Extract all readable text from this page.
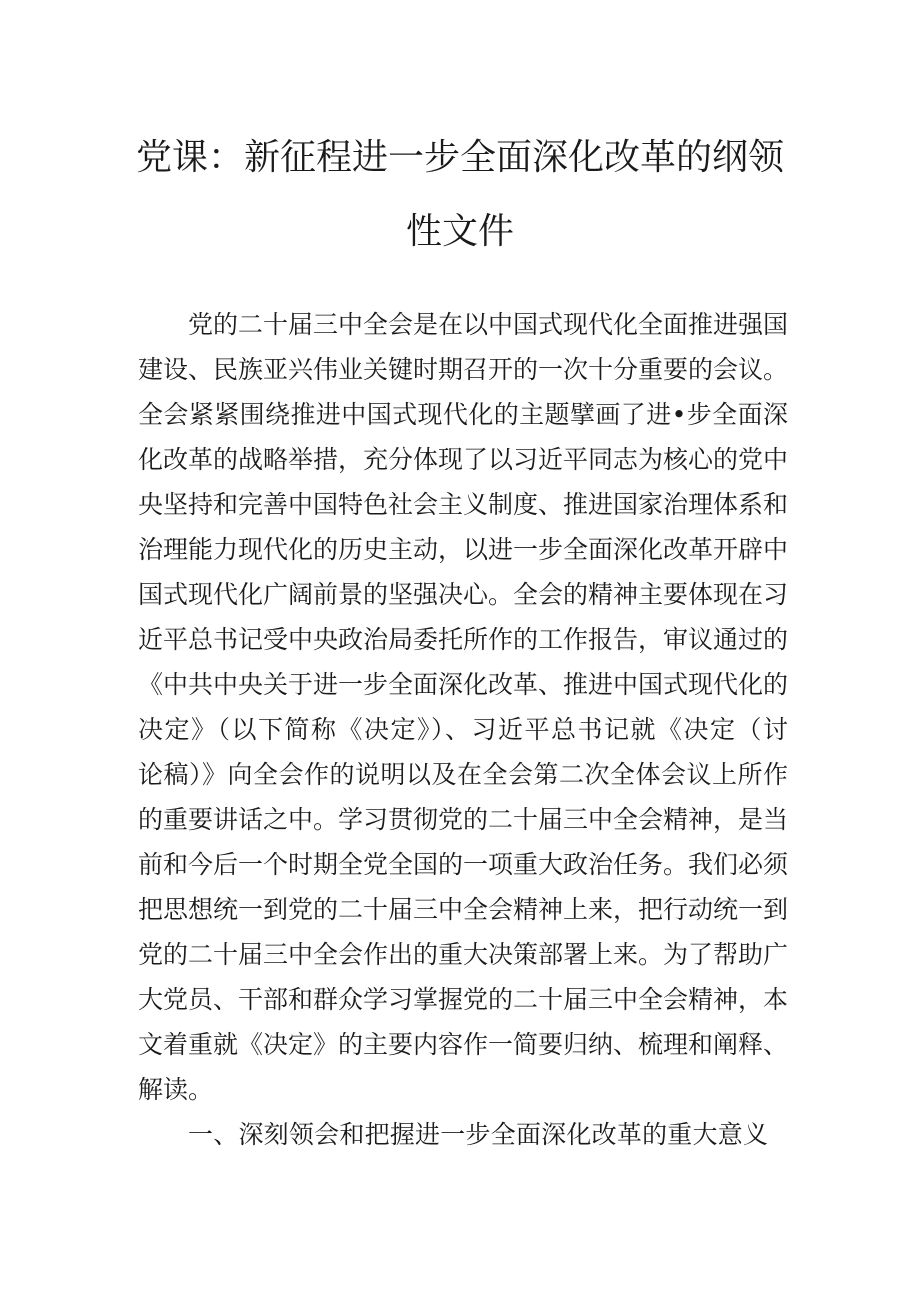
党课：新征程进一步全面深化改革的纲领
性文件
党的二十届三中全会是在以中国式现代化全面推进强国
建设、民族亚兴伟业关键时期召开的一次十分重要的会议。
全会紧紧围绕推进中国式现代化的主题擘画了进•步全面深
化改革的战略举措，充分体现了以习近平同志为核心的党中
央坚持和完善中国特色社会主义制度、推进国家治理体系和
治理能力现代化的历史主动，以进一步全面深化改革开辟中
国式现代化广阔前景的坚强决心。全会的精神主要体现在习
近平总书记受中央政治局委托所作的工作报告，审议通过的
《中共中央关于进一步全面深化改革、推进中国式现代化的
决定》（以下简称《决定》）、习近平总书记就《决定（讨
论稿）》向全会作的说明以及在全会第二次全体会议上所作
的重要讲话之中。学习贯彻党的二十届三中全会精神，是当
前和今后一个时期全党全国的一项重大政治任务。我们必须
把思想统一到党的二十届三中全会精神上来，把行动统一到
党的二十届三中全会作出的重大决策部署上来。为了帮助广
大党员、干部和群众学习掌握党的二十届三中全会精神，本
文着重就《决定》的主要内容作一简要归纳、梳理和阐释、
解读。
一、深刻领会和把握进一步全面深化改革的重大意义
